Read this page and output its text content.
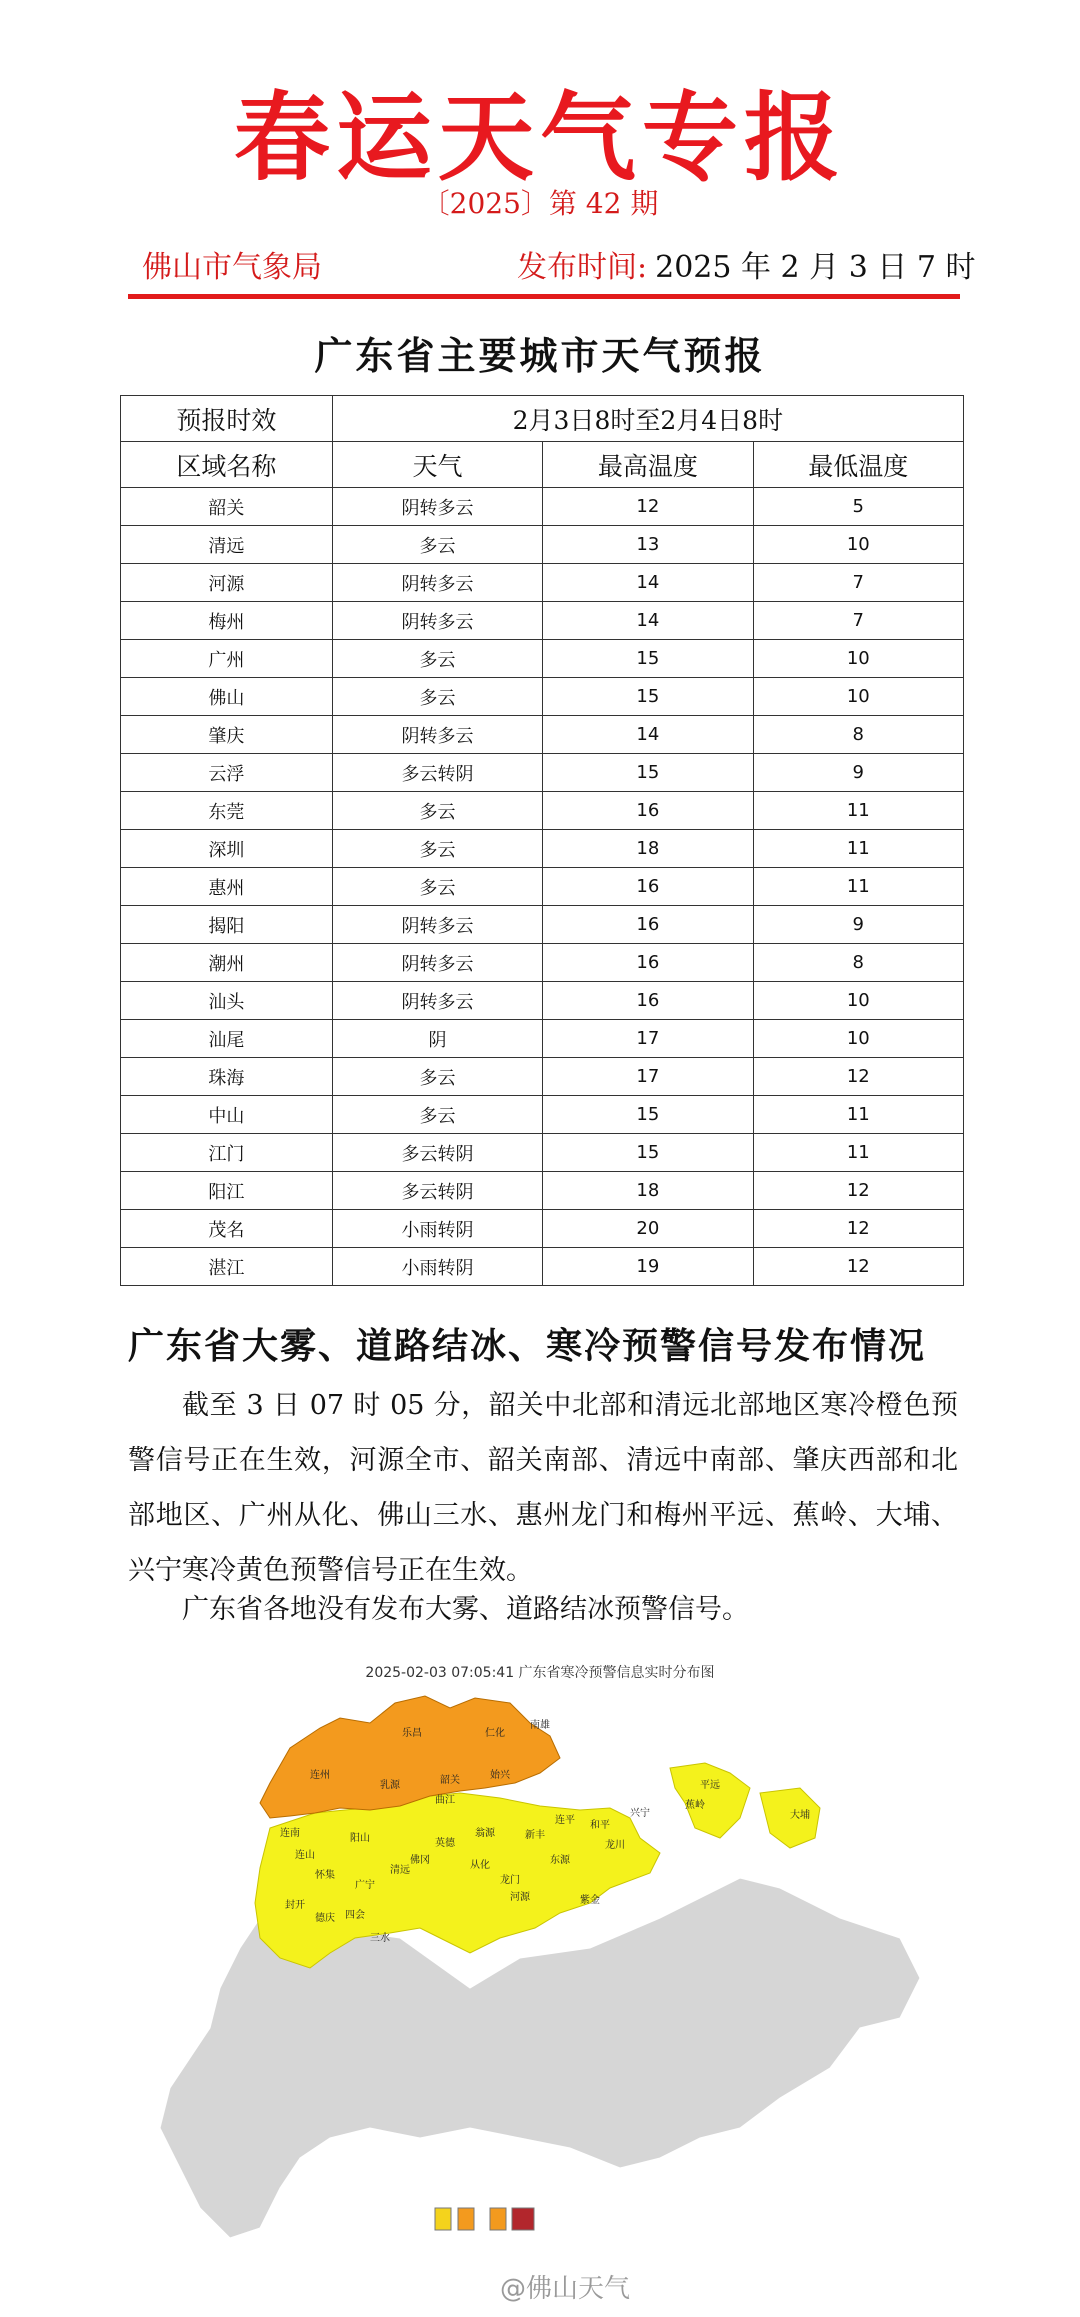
春运天气专报
〔2025〕第 42 期
佛山市气象局	发布时间: 2025 年 2 月 3 日 7 时
广东省主要城市天气预报
预报时效	2月3日8时至2月4日8时		
区域名称	天气	最高温度	最低温度
韶关	阴转多云	12	5
清远	多云	13	10
河源	阴转多云	14	7
梅州	阴转多云	14	7
广州	多云	15	10
佛山	多云	15	10
肇庆	阴转多云	14	8
云浮	多云转阴	15	9
东莞	多云	16	11
深圳	多云	18	11
惠州	多云	16	11
揭阳	阴转多云	16	9
潮州	阴转多云	16	8
汕头	阴转多云	16	10
汕尾	阴	17	10
珠海	多云	17	12
中山	多云	15	11
江门	多云转阴	15	11
阳江	多云转阴	18	12
茂名	小雨转阴	20	12
湛江	小雨转阴	19	12
广东省大雾、道路结冰、寒冷预警信号发布情况
截至 3 日 07 时 05 分，韶关中北部和清远北部地区寒冷橙色预警信号正在生效，河源全市、韶关南部、清远中南部、肇庆西部和北部地区、广州从化、佛山三水、惠州龙门和梅州平远、蕉岭、大埔、兴宁寒冷黄色预警信号正在生效。
广东省各地没有发布大雾、道路结冰预警信号。
2025-02-03 07:05:41 广东省寒冷预警信息实时分布图
乐昌	仁化
南雄
连州
乳源	韶关	始兴
曲江
连南	阳山
连山
英德
翁源	新丰
连平 和平
平远
蕉岭
大埔
兴宁
龙川
佛冈	从化
龙门
东源
河源	紫金
怀集
广宁
清远
封开
德庆
三水
四会
@佛山天气
